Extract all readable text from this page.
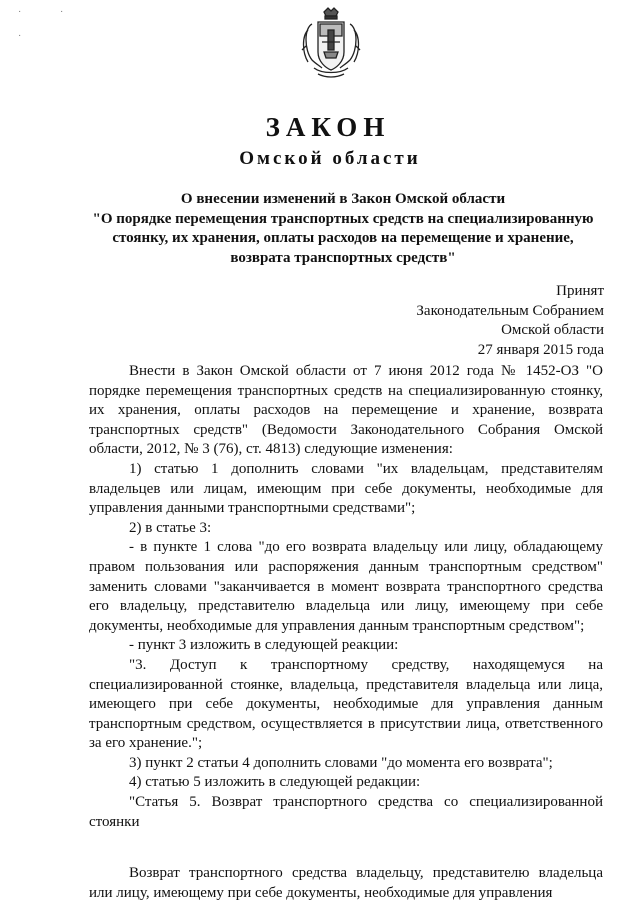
·	·
·
ЗАКОН
Омской области
О внесении изменений в Закон Омской области
"О порядке перемещения транспортных средств на специализированную
стоянку, их хранения, оплаты расходов на перемещение и хранение,
возврата транспортных средств"
Принят
Законодательным Собранием
Омской области
27 января 2015 года

Внести в Закон Омской области от 7 июня 2012 года № 1452-ОЗ "О порядке перемещения транспортных средств на специализированную стоянку, их хранения, оплаты расходов на перемещение и хранение, возврата транспортных средств" (Ведомости Законодательного Собрания Омской области, 2012, № 3 (76), ст. 4813) следующие изменения:

1) статью 1 дополнить словами "их владельцам, представителям владельцев или лицам, имеющим при себе документы, необходимые для управления данными транспортными средствами";

2) в статье 3:

- в пункте 1 слова "до его возврата владельцу или лицу, обладающему правом пользования или распоряжения данным транспортным средством" заменить словами "заканчивается в момент возврата транспортного средства его владельцу, представителю владельца или лицу, имеющему при себе документы, необходимые для управления данным транспортным средством";

- пункт 3 изложить в следующей реакции:

"3. Доступ к транспортному средству, находящемуся на специализированной стоянке, владельца, представителя владельца или лица, имеющего при себе документы, необходимые для управления данным транспортным средством, осуществляется в присутствии лица, ответственного за его хранение.";

3) пункт 2 статьи 4 дополнить словами "до момента его возврата";

4) статью 5 изложить в следующей редакции:

"Статья 5. Возврат транспортного средства со специализированной стоянки

Возврат транспортного средства владельцу, представителю владельца или лицу, имеющему при себе документы, необходимые для управления
